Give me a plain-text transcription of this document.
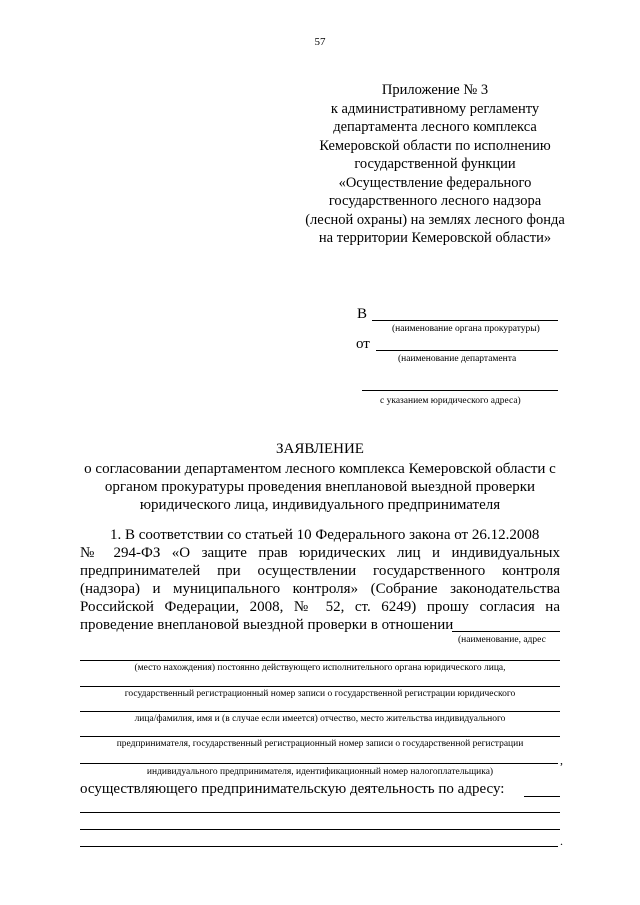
57
Приложение № 3
к административному регламенту
департамента лесного комплекса
Кемеровской области по исполнению
государственной функции
«Осуществление федерального
государственного лесного надзора
(лесной охраны) на землях лесного фонда
на территории Кемеровской области»
В
(наименование органа прокуратуры)
от
(наименование департамента
с указанием юридического адреса)
ЗАЯВЛЕНИЕ
о согласовании департаментом лесного комплекса Кемеровской области с
органом прокуратуры проведения внеплановой выездной проверки
юридического лица, индивидуального предпринимателя
1. В соответствии со статьей 10 Федерального закона от 26.12.2008
№ 294-ФЗ «О защите прав юридических лиц и индивидуальных
предпринимателей при осуществлении государственного контроля
(надзора) и муниципального контроля» (Собрание законодательства
Российской Федерации, 2008, № 52, ст. 6249) прошу согласия на
проведение внеплановой выездной проверки в отношении
(наименование, адрес
(место нахождения) постоянно действующего исполнительного органа юридического лица,
государственный регистрационный номер записи о государственной регистрации юридического
лица/фамилия, имя и (в случае если имеется) отчество, место жительства индивидуального
предпринимателя, государственный регистрационный номер записи о государственной регистрации
,
индивидуального предпринимателя, идентификационный номер налогоплательщика)
осуществляющего предпринимательскую деятельность по адресу:
.
